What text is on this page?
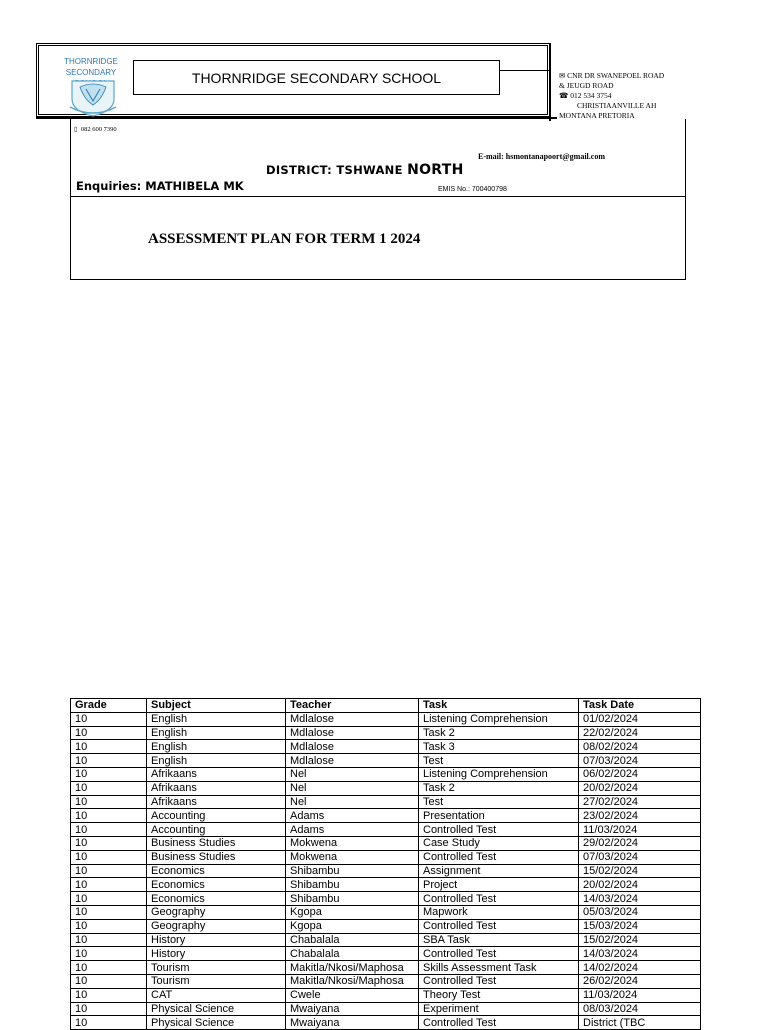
THORNRIDGE SECONDARY	THORNRIDGE SECONDARY SCHOOL	✉ CNR DR SWANEPOEL ROAD
& JEUGD ROAD
☎ 012 534 3754
CHRISTIAANVILLE AH
MONTANA PRETORIA
▯ 082 600 7390
E-mail: hsmontanapoort@gmail.com
DISTRICT: TSHWANE NORTH
Enquiries: MATHIBELA MK	EMIS No.: 700400798
ASSESSMENT PLAN FOR TERM 1 2024
Grade	Subject	Teacher	Task	Task Date
10	English	Mdlalose	Listening Comprehension	01/02/2024
10	English	Mdlalose	Task 2	22/02/2024
10	English	Mdlalose	Task 3	08/02/2024
10	English	Mdlalose	Test	07/03/2024
10	Afrikaans	Nel	Listening Comprehension	06/02/2024
10	Afrikaans	Nel	Task 2	20/02/2024
10	Afrikaans	Nel	Test	27/02/2024
10	Accounting	Adams	Presentation	23/02/2024
10	Accounting	Adams	Controlled Test	11/03/2024
10	Business Studies	Mokwena	Case Study	29/02/2024
10	Business Studies	Mokwena	Controlled Test	07/03/2024
10	Economics	Shibambu	Assignment	15/02/2024
10	Economics	Shibambu	Project	20/02/2024
10	Economics	Shibambu	Controlled Test	14/03/2024
10	Geography	Kgopa	Mapwork	05/03/2024
10	Geography	Kgopa	Controlled Test	15/03/2024
10	History	Chabalala	SBA Task	15/02/2024
10	History	Chabalala	Controlled Test	14/03/2024
10	Tourism	Makitla/Nkosi/Maphosa	Skills Assessment Task	14/02/2024
10	Tourism	Makitla/Nkosi/Maphosa	Controlled Test	26/02/2024
10	CAT	Cwele	Theory Test	11/03/2024
10	Physical Science	Mwaiyana	Experiment	08/03/2024
10	Physical Science	Mwaiyana	Controlled Test	District (TBC
